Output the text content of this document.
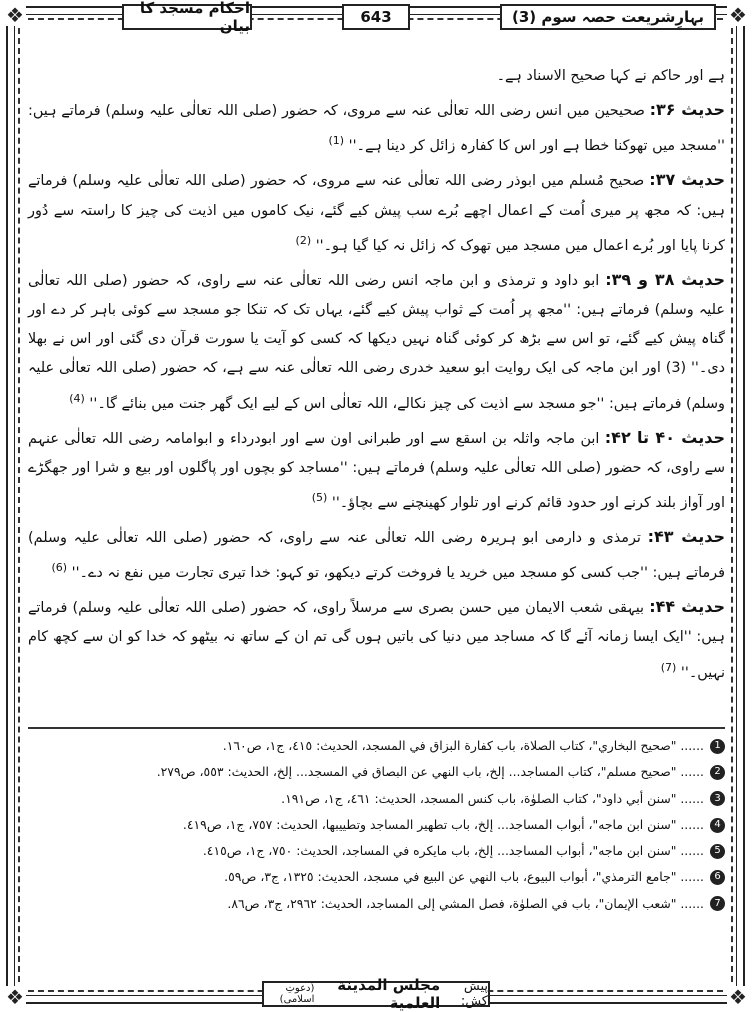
❖	❖
❖	❖
احکام مسجد کا بیان	643	بہارِشریعت حصہ سوم (3)

ہے اور حاکم نے کہا صحیح الاسناد ہے۔

حدیث ۳۶: صحیحین میں انس رضی اللہ تعالٰی عنہ سے مروی، کہ حضور (صلی اللہ تعالٰی علیہ وسلم) فرماتے ہیں: ''مسجد میں تھوکنا خطا ہے اور اس کا کفارہ زائل کر دینا ہے۔'' $^{(1)}$

حدیث ۳۷: صحیح مُسلم میں ابوذر رضی اللہ تعالٰی عنہ سے مروی، کہ حضور (صلی اللہ تعالٰی علیہ وسلم) فرماتے ہیں: کہ مجھ پر میری اُمت کے اعمال اچھے بُرے سب پیش کیے گئے، نیک کاموں میں اذیت کی چیز کا راستہ سے دُور کرنا پایا اور بُرے اعمال میں مسجد میں تھوک کہ زائل نہ کیا گیا ہو۔'' $^{(2)}$

حدیث ۳۸ و ۳۹: ابو داود و ترمذی و ابن ماجہ انس رضی اللہ تعالٰی عنہ سے راوی، کہ حضور (صلی اللہ تعالٰی علیہ وسلم) فرماتے ہیں: ''مجھ پر اُمت کے ثواب پیش کیے گئے، یہاں تک کہ تنکا جو مسجد سے کوئی باہر کر دے اور گناہ پیش کیے گئے، تو اس سے بڑھ کر کوئی گناہ نہیں دیکھا کہ کسی کو آیت یا سورت قرآن دی گئی اور اس نے بھلا دی۔'' (3) اور ابن ماجہ کی ایک روایت ابو سعید خدری رضی اللہ تعالٰی عنہ سے ہے، کہ حضور (صلی اللہ تعالٰی علیہ وسلم) فرماتے ہیں: ''جو مسجد سے اذیت کی چیز نکالے، اللہ تعالٰی اس کے لیے ایک گھر جنت میں بنائے گا۔'' $^{(4)}$

حدیث ۴۰ تا ۴۲: ابن ماجہ واثلہ بن اسقع سے اور طبرانی اون سے اور ابودرداء و ابوامامہ رضی اللہ تعالٰی عنہم سے راوی، کہ حضور (صلی اللہ تعالٰی علیہ وسلم) فرماتے ہیں: ''مساجد کو بچوں اور پاگلوں اور بیع و شرا اور جھگڑے اور آواز بلند کرنے اور حدود قائم کرنے اور تلوار کھینچنے سے بچاؤ۔'' $^{(5)}$

حدیث ۴۳: ترمذی و دارمی ابو ہریرہ رضی اللہ تعالٰی عنہ سے راوی، کہ حضور (صلی اللہ تعالٰی علیہ وسلم) فرماتے ہیں: ''جب کسی کو مسجد میں خرید یا فروخت کرتے دیکھو، تو کہو: خدا تیری تجارت میں نفع نہ دے۔'' $^{(6)}$

حدیث ۴۴: بیہقی شعب الایمان میں حسن بصری سے مرسلاً راوی، کہ حضور (صلی اللہ تعالٰی علیہ وسلم) فرماتے ہیں: ''ایک ایسا زمانہ آئے گا کہ مساجد میں دنیا کی باتیں ہوں گی تم ان کے ساتھ نہ بیٹھو کہ خدا کو ان سے کچھ کام نہیں۔'' $^{(7)}$

1
...... "صحیح البخاري"، کتاب الصلاة، باب کفارة البزاق في المسجد، الحدیث: ٤١٥، ج١، ص١٦٠.
2
...... "صحیح مسلم"، کتاب المساجد... إلخ، باب النهي عن البصاق في المسجد... إلخ، الحدیث: ٥٥٣، ص٢٧٩.
3
...... "سنن أبي داود"، کتاب الصلوٰة، باب کنس المسجد، الحدیث: ٤٦١، ج١، ص١٩١.
4
...... "سنن ابن ماجه"، أبواب المساجد... إلخ، باب تطهير المساجد وتطييبها، الحدیث: ٧٥٧، ج١، ص٤١٩.
5
...... "سنن ابن ماجه"، أبواب المساجد... إلخ، باب مایکره في المساجد، الحدیث: ٧٥٠، ج١، ص٤١٥.
6
...... "جامع الترمذي"، أبواب البيوع، باب النهي عن البيع في مسجد، الحدیث: ١٣٢٥، ج٣، ص٥٩.
7
...... "شعب الإيمان"، باب في الصلوٰة، فصل المشي إلى المساجد، الحدیث: ٢٩٦٢، ج٣، ص٨٦.
پیش کش:
مجلس المدينة العلمية
(دعوتِ اسلامی)
